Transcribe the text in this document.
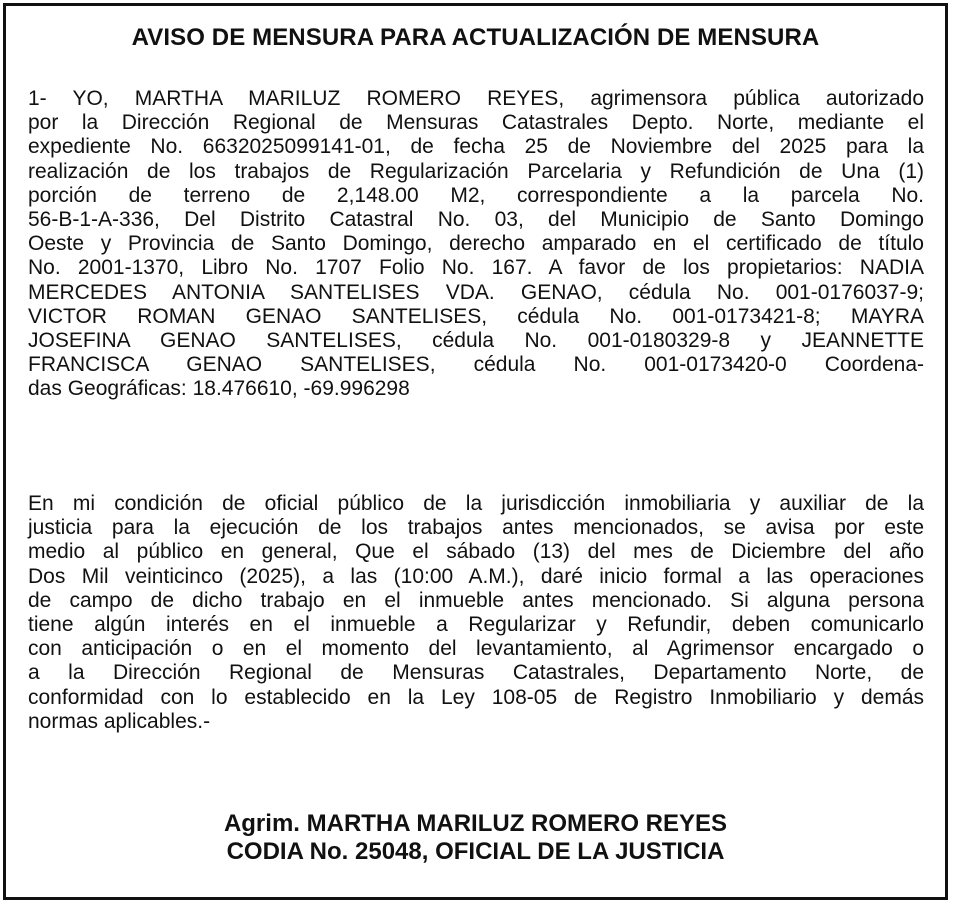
AVISO DE MENSURA PARA ACTUALIZACIÓN DE MENSURA
1- YO, MARTHA MARILUZ ROMERO REYES, agrimensora pública autorizado
por la Dirección Regional de Mensuras Catastrales Depto. Norte, mediante el
expediente No. 6632025099141-01, de fecha 25 de Noviembre del 2025 para la
realización de los trabajos de Regularización Parcelaria y Refundición de Una (1)
porción de terreno de 2,148.00 M2, correspondiente a la parcela No.
56-B-1-A-336, Del Distrito Catastral No. 03, del Municipio de Santo Domingo
Oeste y Provincia de Santo Domingo, derecho amparado en el certificado de título
No. 2001-1370, Libro No. 1707 Folio No. 167. A favor de los propietarios: NADIA
MERCEDES ANTONIA SANTELISES VDA. GENAO, cédula No. 001-0176037-9;
VICTOR ROMAN GENAO SANTELISES, cédula No. 001-0173421-8; MAYRA
JOSEFINA GENAO SANTELISES, cédula No. 001-0180329-8 y JEANNETTE
FRANCISCA GENAO SANTELISES, cédula No. 001-0173420-0 Coordena-
das Geográficas: 18.476610, -69.996298
En mi condición de oficial público de la jurisdicción inmobiliaria y auxiliar de la
justicia para la ejecución de los trabajos antes mencionados, se avisa por este
medio al público en general, Que el sábado (13) del mes de Diciembre del año
Dos Mil veinticinco (2025), a las (10:00 A.M.), daré inicio formal a las operaciones
de campo de dicho trabajo en el inmueble antes mencionado. Si alguna persona
tiene algún interés en el inmueble a Regularizar y Refundir, deben comunicarlo
con anticipación o en el momento del levantamiento, al Agrimensor encargado o
a la Dirección Regional de Mensuras Catastrales, Departamento Norte, de
conformidad con lo establecido en la Ley 108-05 de Registro Inmobiliario y demás
normas aplicables.-
Agrim. MARTHA MARILUZ ROMERO REYES
CODIA No. 25048, OFICIAL DE LA JUSTICIA
